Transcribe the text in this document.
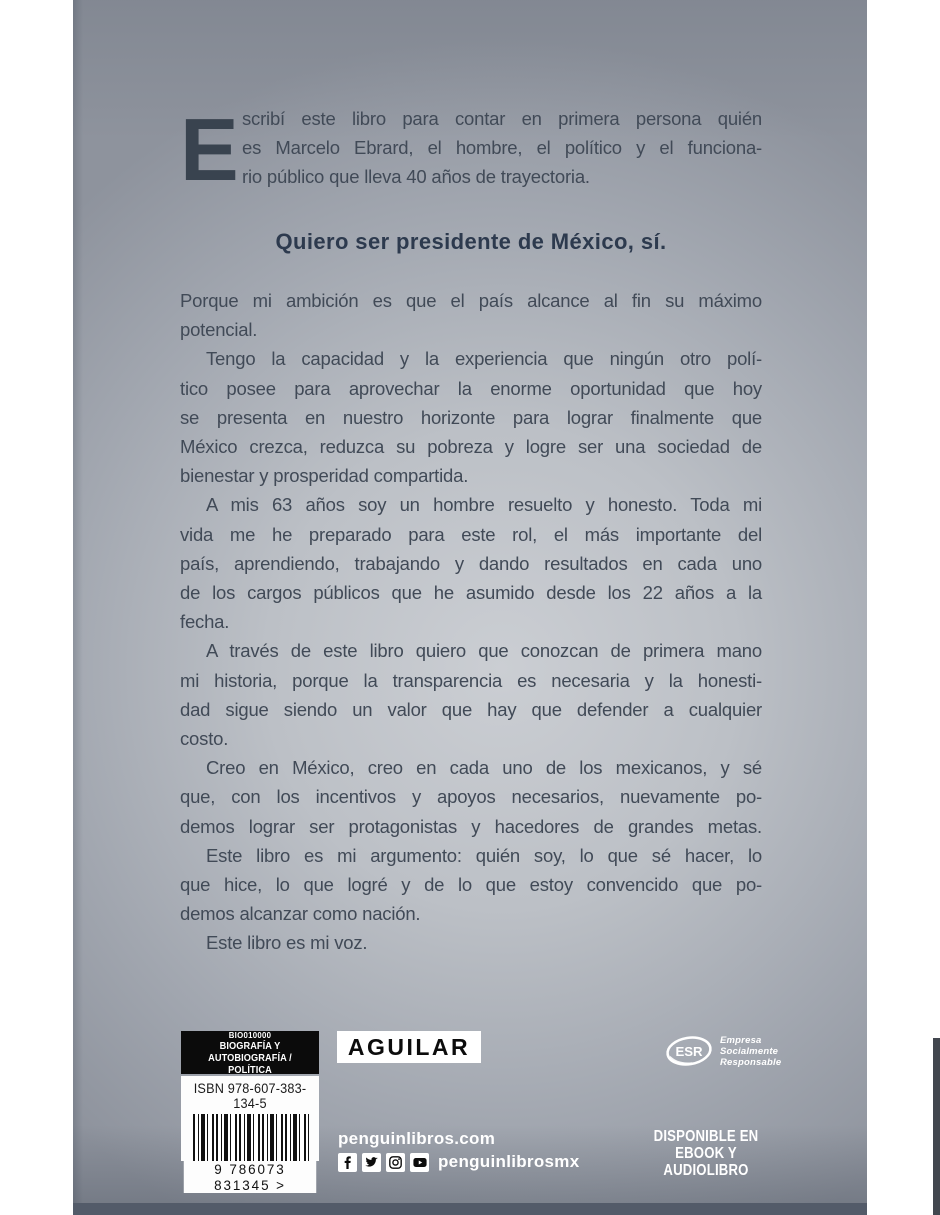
E scribí este libro para contar en primera persona quién
es Marcelo Ebrard, el hombre, el político y el funciona-
rio público que lleva 40 años de trayectoria.
Quiero ser presidente de México, sí.
Porque mi ambición es que el país alcance al fin su máximo
potencial.
Tengo la capacidad y la experiencia que ningún otro polí-
tico posee para aprovechar la enorme oportunidad que hoy
se presenta en nuestro horizonte para lograr finalmente que
México crezca, reduzca su pobreza y logre ser una sociedad de
bienestar y prosperidad compartida.
A mis 63 años soy un hombre resuelto y honesto. Toda mi
vida me he preparado para este rol, el más importante del
país, aprendiendo, trabajando y dando resultados en cada uno
de los cargos públicos que he asumido desde los 22 años a la
fecha.
A través de este libro quiero que conozcan de primera mano
mi historia, porque la transparencia es necesaria y la honesti-
dad sigue siendo un valor que hay que defender a cualquier
costo.
Creo en México, creo en cada uno de los mexicanos, y sé
que, con los incentivos y apoyos necesarios, nuevamente po-
demos lograr ser protagonistas y hacedores de grandes metas.
Este libro es mi argumento: quién soy, lo que sé hacer, lo
que hice, lo que logré y de lo que estoy convencido que po-
demos alcanzar como nación.
Este libro es mi voz.
BIO010000
BIOGRAFÍA Y AUTOBIOGRAFÍA /
POLÍTICA
ISBN 978-607-383-134-5
9 786073 831345 >
AGUILAR	ESR
Empresa
Socialmente
Responsable
penguinlibros.com
penguinlibrosmx
DISPONIBLE EN
EBOOK Y AUDIOLIBRO
